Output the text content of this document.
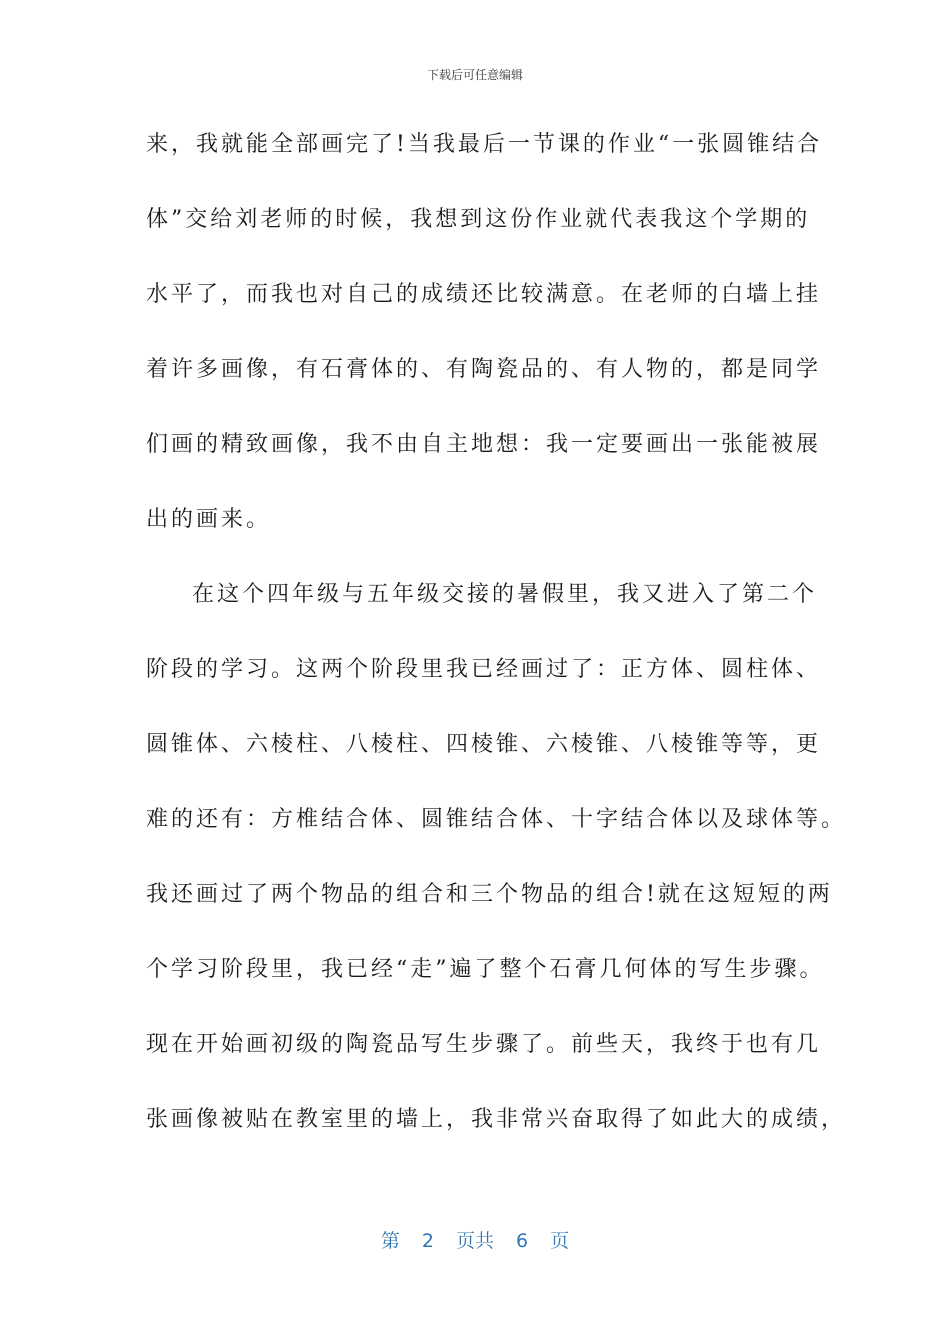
下载后可任意编辑
来，我就能全部画完了!当我最后一节课的作业“一张圆锥结合
体”交给刘老师的时候，我想到这份作业就代表我这个学期的
水平了，而我也对自己的成绩还比较满意。在老师的白墙上挂
着许多画像，有石膏体的、有陶瓷品的、有人物的，都是同学
们画的精致画像，我不由自主地想：我一定要画出一张能被展
出的画来。
在这个四年级与五年级交接的暑假里，我又进入了第二个
阶段的学习。这两个阶段里我已经画过了：正方体、圆柱体、
圆锥体、六棱柱、八棱柱、四棱锥、六棱锥、八棱锥等等，更
难的还有：方椎结合体、圆锥结合体、十字结合体以及球体等。
我还画过了两个物品的组合和三个物品的组合!就在这短短的两
个学习阶段里，我已经“走”遍了整个石膏几何体的写生步骤。
现在开始画初级的陶瓷品写生步骤了。前些天，我终于也有几
张画像被贴在教室里的墙上，我非常兴奋取得了如此大的成绩，
第 2 页共 6 页
